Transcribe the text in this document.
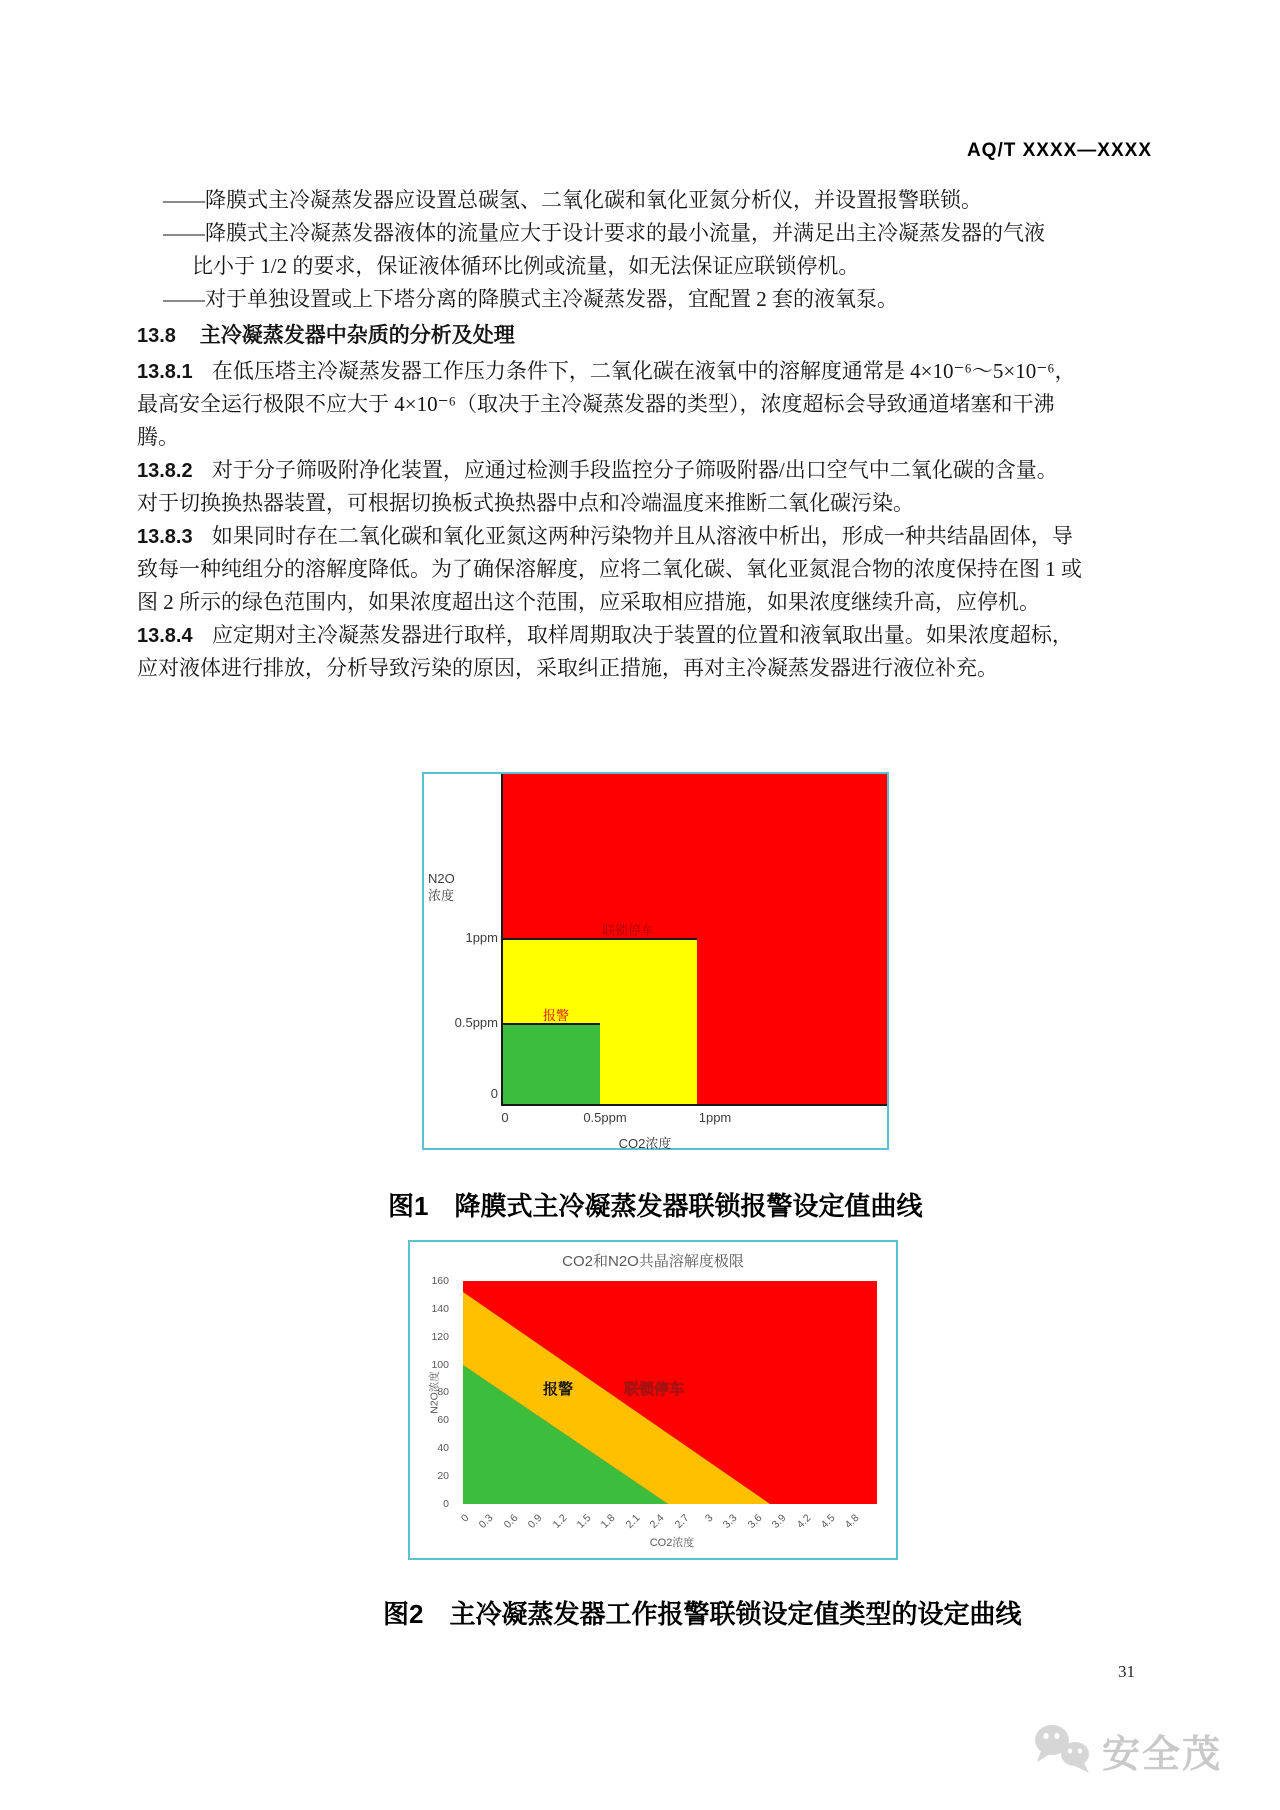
AQ/T XXXX—XXXX
——降膜式主冷凝蒸发器应设置总碳氢、二氧化碳和氧化亚氮分析仪，并设置报警联锁。
——降膜式主冷凝蒸发器液体的流量应大于设计要求的最小流量，并满足出主冷凝蒸发器的气液
比小于 1/2 的要求，保证液体循环比例或流量，如无法保证应联锁停机。
——对于单独设置或上下塔分离的降膜式主冷凝蒸发器，宜配置 2 套的液氧泵。
13.8 主冷凝蒸发器中杂质的分析及处理
13.8.1 在低压塔主冷凝蒸发器工作压力条件下，二氧化碳在液氧中的溶解度通常是 4×10⁻⁶～5×10⁻⁶，
最高安全运行极限不应大于 4×10⁻⁶（取决于主冷凝蒸发器的类型），浓度超标会导致通道堵塞和干沸
腾。
13.8.2 对于分子筛吸附净化装置，应通过检测手段监控分子筛吸附器/出口空气中二氧化碳的含量。
对于切换换热器装置，可根据切换板式换热器中点和冷端温度来推断二氧化碳污染。
13.8.3 如果同时存在二氧化碳和氧化亚氮这两种污染物并且从溶液中析出，形成一种共结晶固体，导
致每一种纯组分的溶解度降低。为了确保溶解度，应将二氧化碳、氧化亚氮混合物的浓度保持在图 1 或
图 2 所示的绿色范围内，如果浓度超出这个范围，应采取相应措施，如果浓度继续升高，应停机。
13.8.4 应定期对主冷凝蒸发器进行取样，取样周期取决于装置的位置和液氧取出量。如果浓度超标，
应对液体进行排放，分析导致污染的原因，采取纠正措施，再对主冷凝蒸发器进行液位补充。
N2O
浓度
1ppm
0.5ppm
0
0	0.5ppm	1ppm
CO2浓度
联锁停车
报警
图1　降膜式主冷凝蒸发器联锁报警设定值曲线
CO2和N2O共晶溶解度极限
0
20
40
60
80
100
120
140
160
N2O浓度
0 0.3 0.6 0.9 1.2 1.5 1.8 2.1 2.4 2.7	3 3.3 3.6 3.9 4.2 4.5 4.8
CO2浓度
报警	联锁停车
图2　主冷凝蒸发器工作报警联锁设定值类型的设定曲线
31
安全茂
